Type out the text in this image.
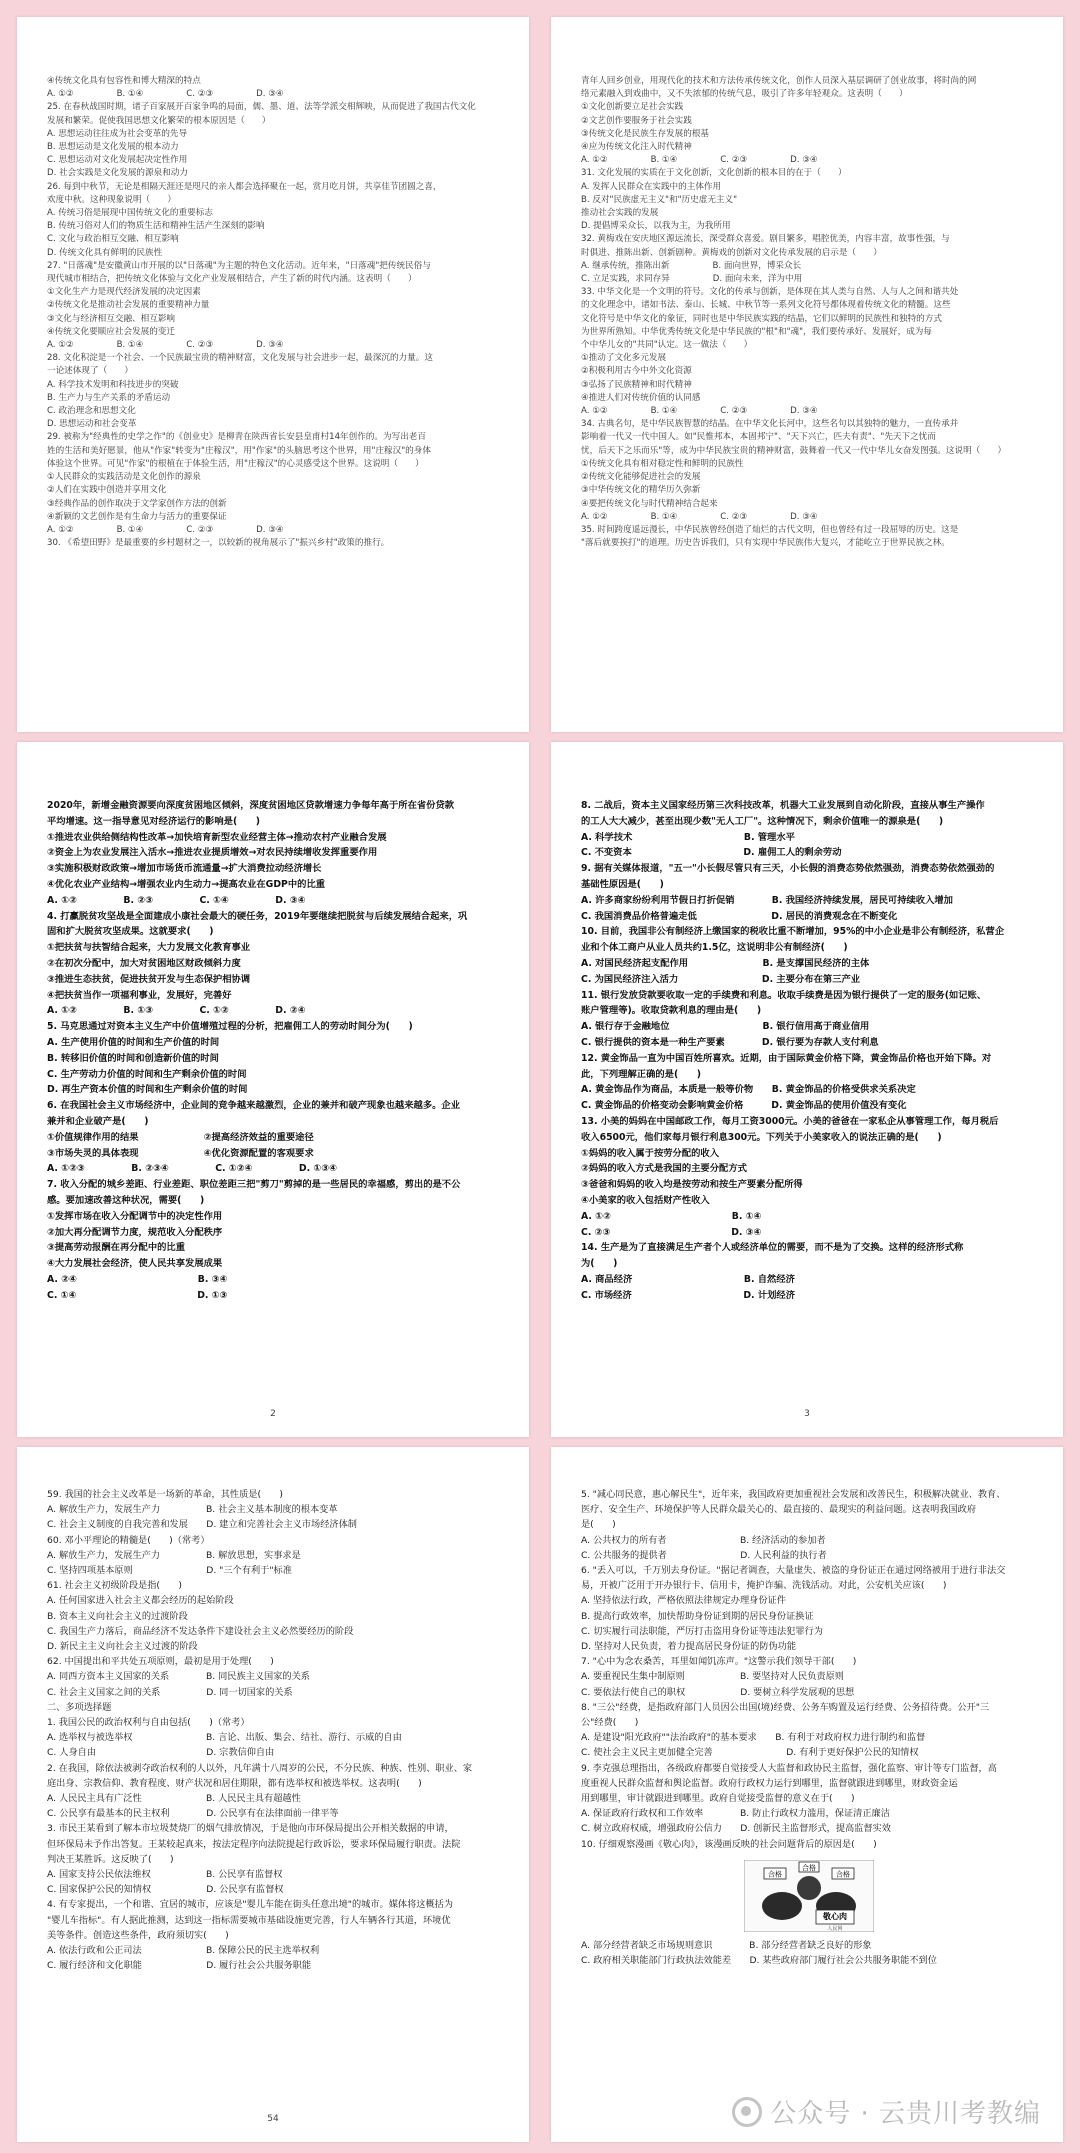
④传统文化具有包容性和博大精深的特点
A. ①②　　　　　B. ①④　　　　　C. ②③　　　　　D. ③④
25. 在春秋战国时期，诸子百家展开百家争鸣的局面，儒、墨、道、法等学派交相辉映，从而促进了我国古代文化
发展和繁荣。促使我国思想文化繁荣的根本原因是（　　）
A. 思想运动往往成为社会变革的先导
B. 思想运动是文化发展的根本动力
C. 思想运动对文化发展起决定性作用
D. 社会实践是文化发展的源泉和动力
26. 每到中秋节，无论是相隔天涯还是咫尺的亲人都会选择聚在一起，赏月吃月饼，共享佳节团圆之喜，
欢度中秋。这种现象说明（　　）
A. 传统习俗是展现中国传统文化的重要标志
B. 传统习俗对人们的物质生活和精神生活产生深刻的影响
C. 文化与政治相互交融、相互影响
D. 传统文化具有鲜明的民族性
27. "日落魂"是安徽黄山市开展的以"日落魂"为主题的特色文化活动。近年来，"日落魂"把传统民俗与
现代城市相结合，把传统文化体验与文化产业发展相结合，产生了新的时代内涵。这表明（　　）
①文化生产力是现代经济发展的决定因素
②传统文化是推动社会发展的重要精神力量
③文化与经济相互交融、相互影响
④传统文化要顺应社会发展的变迁
A. ①②　　　　　B. ①④　　　　　C. ②③　　　　　D. ③④
28. 文化积淀是一个社会、一个民族最宝贵的精神财富，文化发展与社会进步一起，最深沉的力量。这
一论述体现了（　　）
A. 科学技术发明和科技进步的突破
B. 生产力与生产关系的矛盾运动
C. 政治理念和思想文化
D. 思想运动和社会变革
29. 被称为"经典性的史学之作"的《创业史》是柳青在陕西省长安县皇甫村14年创作的。为写出老百
姓的生活和美好愿景，他从"作家"转变为"庄稼汉"，用"作家"的头脑思考这个世界，用"庄稼汉"的身体
体验这个世界。可见"作家"的根植在于体验生活，用"庄稼汉"的心灵感受这个世界。这说明（　　）
①人民群众的实践活动是文化创作的源泉
②人们在实践中创造并享用文化
③经典作品的创作取决于文学家创作方法的创新
④新颖的文艺创作是有生命力与活力的重要保证
A. ①②　　　　　B. ①④　　　　　C. ②③　　　　　D. ③④
30. 《希望田野》是最重要的乡村题材之一，以较新的视角展示了"振兴乡村"政策的推行。
青年人回乡创业，用现代化的技术和方法传承传统文化，创作人员深入基层调研了创业故事，将时尚的网
络元素融入到戏曲中，又不失浓郁的传统气息，吸引了许多年轻观众。这表明（　　）
①文化创新要立足社会实践
②文艺创作要服务于社会实践
③传统文化是民族生存发展的根基
④应为传统文化注入时代精神
A. ①②　　　　　B. ①④　　　　　C. ②③　　　　　D. ③④
31. 文化发展的实质在于文化创新，文化创新的根本目的在于（　　）
A. 发挥人民群众在实践中的主体作用
B. 反对"民族虚无主义"和"历史虚无主义"
推动社会实践的发展
D. 提倡博采众长，以我为主，为我所用
32. 黄梅戏在安庆地区源远流长，深受群众喜爱。剧目繁多，唱腔优美，内容丰富，故事性强，与
时俱进、推陈出新、创新剧种。黄梅戏的创新对文化传承发展的启示是（　　）
A. 继承传统，推陈出新　　　　　B. 面向世界，博采众长
C. 立足实践，求同存异　　　　　D. 面向未来，洋为中用
33. 中华文化是一个文明的符号。文化的传承与创新，是体现在其人类与自然、人与人之间和谐共处
的文化理念中，诸如书法、泰山、长城、中秋节等一系列文化符号都体现着传统文化的精髓。这些
文化符号是中华文化的象征，同时也是中华民族实践的结晶，它们以鲜明的民族性和独特的方式
为世界所熟知。中华优秀传统文化是中华民族的"根"和"魂"，我们要传承好、发展好，成为每
个中华儿女的"共同"认定。这一做法（　　）
①推动了文化多元发展
②积极利用古今中外文化资源
③弘扬了民族精神和时代精神
④推进人们对传统价值的认同感
A. ①②　　　　　B. ①④　　　　　C. ②③　　　　　D. ③④
34. 古典名句，是中华民族智慧的结晶。在中华文化长河中，这些名句以其独特的魅力，一直传承并
影响着一代又一代中国人。如"民惟邦本，本固邦宁"、"天下兴亡，匹夫有责"、"先天下之忧而
忧，后天下之乐而乐"等，成为中华民族宝贵的精神财富，鼓舞着一代又一代中华儿女奋发图强。这说明（　　）
①传统文化具有相对稳定性和鲜明的民族性
②传统文化能够促进社会的发展
③中华传统文化的精华历久弥新
④要把传统文化与时代精神结合起来
A. ①②　　　　　B. ①④　　　　　C. ②③　　　　　D. ③④
35. 时间跨度遥远漫长，中华民族曾经创造了灿烂的古代文明，但也曾经有过一段屈辱的历史。这是
"落后就要挨打"的道理。历史告诉我们，只有实现中华民族伟大复兴，才能屹立于世界民族之林。
2020年，新增金融资源要向深度贫困地区倾斜，深度贫困地区贷款增速力争每年高于所在省份贷款
平均增速。这一指导意见对经济运行的影响是(　　)
①推进农业供给侧结构性改革→加快培育新型农业经营主体→推动农村产业融合发展
②资金上为农业发展注入活水→推进农业提质增效→对农民持续增收发挥重要作用
③实施积极财政政策→增加市场货币流通量→扩大消费拉动经济增长
④优化农业产业结构→增强农业内生动力→提高农业在GDP中的比重
A. ①②　　　　　B. ②③　　　　　C. ①④　　　　　D. ③④
4. 打赢脱贫攻坚战是全面建成小康社会最大的硬任务，2019年要继续把脱贫与后续发展结合起来，巩
固和扩大脱贫攻坚成果。这就要求(　　)
①把扶贫与扶智结合起来，大力发展文化教育事业
②在初次分配中，加大对贫困地区财政倾斜力度
③推进生态扶贫，促进扶贫开发与生态保护相协调
④把扶贫当作一项福利事业，发展好，完善好
A. ①②　　　　　B. ①③　　　　　C. ①②　　　　　D. ②④
5. 马克思通过对资本主义生产中价值增殖过程的分析，把雇佣工人的劳动时间分为(　　)
A. 生产使用价值的时间和生产价值的时间
B. 转移旧价值的时间和创造新价值的时间
C. 生产劳动力价值的时间和生产剩余价值的时间
D. 再生产资本价值的时间和生产剩余价值的时间
6. 在我国社会主义市场经济中，企业间的竞争越来越激烈，企业的兼并和破产现象也越来越多。企业
兼并和企业破产是(　　)
①价值规律作用的结果　　　　　　　②提高经济效益的重要途径
③市场失灵的具体表现　　　　　　　④优化资源配置的客观要求
A. ①②③　　　　　B. ②③④　　　　　C. ①②④　　　　　D. ①③④
7. 收入分配的城乡差距、行业差距、职位差距三把"剪刀"剪掉的是一些居民的幸福感，剪出的是不公
感。要加速改善这种状况，需要(　　)
①发挥市场在收入分配调节中的决定性作用
②加大再分配调节力度，规范收入分配秩序
③提高劳动报酬在再分配中的比重
④大力发展社会经济，使人民共享发展成果
A. ②④　　　　　　　　　　　　　B. ③④
C. ①④　　　　　　　　　　　　　D. ①③
2
8. 二战后，资本主义国家经历第三次科技改革，机器大工业发展到自动化阶段，直接从事生产操作
的工人大大减少，甚至出现少数"无人工厂"。这种情况下，剩余价值唯一的源泉是(　　)
A. 科学技术　　　　　　　　　　　　B. 管理水平
C. 不变资本　　　　　　　　　　　　D. 雇佣工人的剩余劳动
9. 据有关媒体报道，"五一"小长假尽管只有三天，小长假的消费态势依然强劲，消费态势依然强劲的
基础性原因是(　　)
A. 许多商家纷纷利用节假日打折促销　　　　B. 我国经济持续发展，居民可持续收入增加
C. 我国消费品价格普遍走低　　　　　　　　D. 居民的消费观念在不断变化
10. 目前，我国非公有制经济上缴国家的税收比重不断增加，95%的中小企业是非公有制经济，私营企
业和个体工商户从业人员共约1.5亿，这说明非公有制经济(　　)
A. 对国民经济起支配作用　　　　　　　　B. 是支撑国民经济的主体
C. 为国民经济注入活力　　　　　　　　　D. 主要分布在第三产业
11. 银行发放贷款要收取一定的手续费和利息。收取手续费是因为银行提供了一定的服务(如记账、
账户管理等)。收取贷款利息的理由是(　　)
A. 银行存于金融地位　　　　　　　　　　B. 银行信用高于商业信用
C. 银行提供的资本是一种生产要素　　　　D. 银行要为存款人支付利息
12. 黄金饰品一直为中国百姓所喜欢。近期，由于国际黄金价格下降，黄金饰品价格也开始下降。对
此，下列理解正确的是(　　)
A. 黄金饰品作为商品，本质是一般等价物　　B. 黄金饰品的价格受供求关系决定
C. 黄金饰品的价格变动会影响黄金价格　　　D. 黄金饰品的使用价值没有变化
13. 小美的妈妈在中国邮政工作，每月工资3000元。小美的爸爸在一家私企从事管理工作，每月税后
收入6500元，他们家每月银行利息300元。下列关于小美家收入的说法正确的是(　　)
①妈妈的收入属于按劳分配的收入
②妈妈的收入方式是我国的主要分配方式
③爸爸和妈妈的收入均是按劳动和按生产要素分配所得
④小美家的收入包括财产性收入
A. ①②　　　　　　　　　　　　　B. ①④
C. ②③　　　　　　　　　　　　　D. ③④
14. 生产是为了直接满足生产者个人或经济单位的需要，而不是为了交换。这样的经济形式称
为(　　)
A. 商品经济　　　　　　　　　　　　B. 自然经济
C. 市场经济　　　　　　　　　　　　D. 计划经济
3
59. 我国的社会主义改革是一场新的革命，其性质是(　　)
A. 解放生产力，发展生产力　　　　　B. 社会主义基本制度的根本变革
C. 社会主义制度的自我完善和发展　　D. 建立和完善社会主义市场经济体制
60. 邓小平理论的精髓是(　　)（常考）
A. 解放生产力，发展生产力　　　　　B. 解放思想，实事求是
C. 坚持四项基本原则　　　　　　　　D. "三个有利于"标准
61. 社会主义初级阶段是指(　　)
A. 任何国家进入社会主义都会经历的起始阶段
B. 资本主义向社会主义的过渡阶段
C. 我国生产力落后，商品经济不发达条件下建设社会主义必然要经历的阶段
D. 新民主主义向社会主义过渡的阶段
62. 中国提出和平共处五项原则，最初是用于处理(　　)
A. 同西方资本主义国家的关系　　　　B. 同民族主义国家的关系
C. 社会主义国家之间的关系　　　　　D. 同一切国家的关系
二、多项选择题
1. 我国公民的政治权利与自由包括(　　)（常考）
A. 选举权与被选举权　　　　　　　　B. 言论、出版、集会、结社、游行、示威的自由
C. 人身自由　　　　　　　　　　　　D. 宗教信仰自由
2. 在我国，除依法被剥夺政治权利的人以外，凡年满十八周岁的公民，不分民族、种族、性别、职业、家
庭出身、宗教信仰、教育程度、财产状况和居住期限，都有选举权和被选举权。这表明(　　)
A. 人民民主具有广泛性　　　　　　　B. 人民民主具有超越性
C. 公民享有最基本的民主权利　　　　D. 公民享有在法律面前一律平等
3. 市民王某看到了解本市垃圾焚烧厂的烟气排放情况，于是他向市环保局提出公开相关数据的申请，
但环保局未予作出答复。王某较起真来，按法定程序向法院提起行政诉讼，要求环保局履行职责。法院
判决王某胜诉。这反映了(　　)
A. 国家支持公民依法维权　　　　　　B. 公民享有监督权
C. 国家保护公民的知情权　　　　　　D. 公民享有监督权
4. 有专家提出，一个和谐、宜居的城市，应该是"婴儿车能在街头任意出境"的城市。媒体将这概括为
"婴儿车指标"。有人据此推测，达到这一指标需要城市基础设施更完善，行人车辆各行其道，环境优
美等条件。创造这些条件，政府须切实(　　)
A. 依法行政和公正司法　　　　　　　B. 保障公民的民主选举权利
C. 履行经济和文化职能　　　　　　　D. 履行社会公共服务职能
54
5. "减心同民意，惠心解民生"，近年来，我国政府更加重视社会发展和改善民生，积极解决就业、教育、
医疗、安全生产、环境保护等人民群众最关心的、最直接的、最现实的利益问题。这表明我国政府
是(　　)
A. 公共权力的所有者　　　　　　　　B. 经济活动的参加者
C. 公共服务的提供者　　　　　　　　D. 人民利益的执行者
6. "丢入可以，千万别去身份证。"据记者调查，大量虚失、被盗的身份证正在通过网络被用于进行非法交
易，开被广泛用于开办银行卡、信用卡，掩护诈骗、洗钱活动。对此，公安机关应该(　　)
A. 坚持依法行政，严格依照法律规定办理身份证件
B. 提高行政效率，加快帮助身份证到期的居民身份证换证
C. 切实履行司法职能，严厉打击盗用身份证等违法犯罪行为
D. 坚持对人民负责，着力提高居民身份证的防伪功能
7. "心中为念农桑苦，耳里如闻饥冻声。"这警示我们领导干部(　　)
A. 要重视民生集中制原则　　　　　　B. 要坚持对人民负责原则
C. 要依法行使自己的职权　　　　　　D. 要树立科学发展观的思想
8. "三公"经费，是指政府部门人员因公出国(境)经费、公务车购置及运行经费、公务招待费。公开"三
公"经费(　　)
A. 是建设"阳光政府""法治政府"的基本要求　　B. 有利于对政府权力进行制约和监督
C. 使社会主义民主更加健全完善　　　　　　　　D. 有利于更好保护公民的知情权
9. 李克强总理指出，各级政府都要自觉接受人大监督和政协民主监督，强化监察、审计等专门监督，高
度重视人民群众监督和舆论监督。政府行政权力运行到哪里，监督就跟进到哪里，财政资金运
用到哪里，审计就跟进到哪里。政府自觉接受监督的意义在于(　　)
A. 保证政府行政权和工作效率　　　　B. 防止行政权力滥用，保证清正廉洁
C. 树立政府权威，增强政府公信力　　D. 创新民主监督形式，提高监督实效
10. 仔细观察漫画《敬心肉》，该漫画反映的社会问题背后的原因是(　　)
合格	合格
合格
敬心肉
人民网
A. 部分经营者缺乏市场规则意识　　　　B. 部分经营者缺乏良好的形象
C. 政府相关职能部门行政执法效能差　　D. 某些政府部门履行社会公共服务职能不到位
公众号 · 云贵川考教编
